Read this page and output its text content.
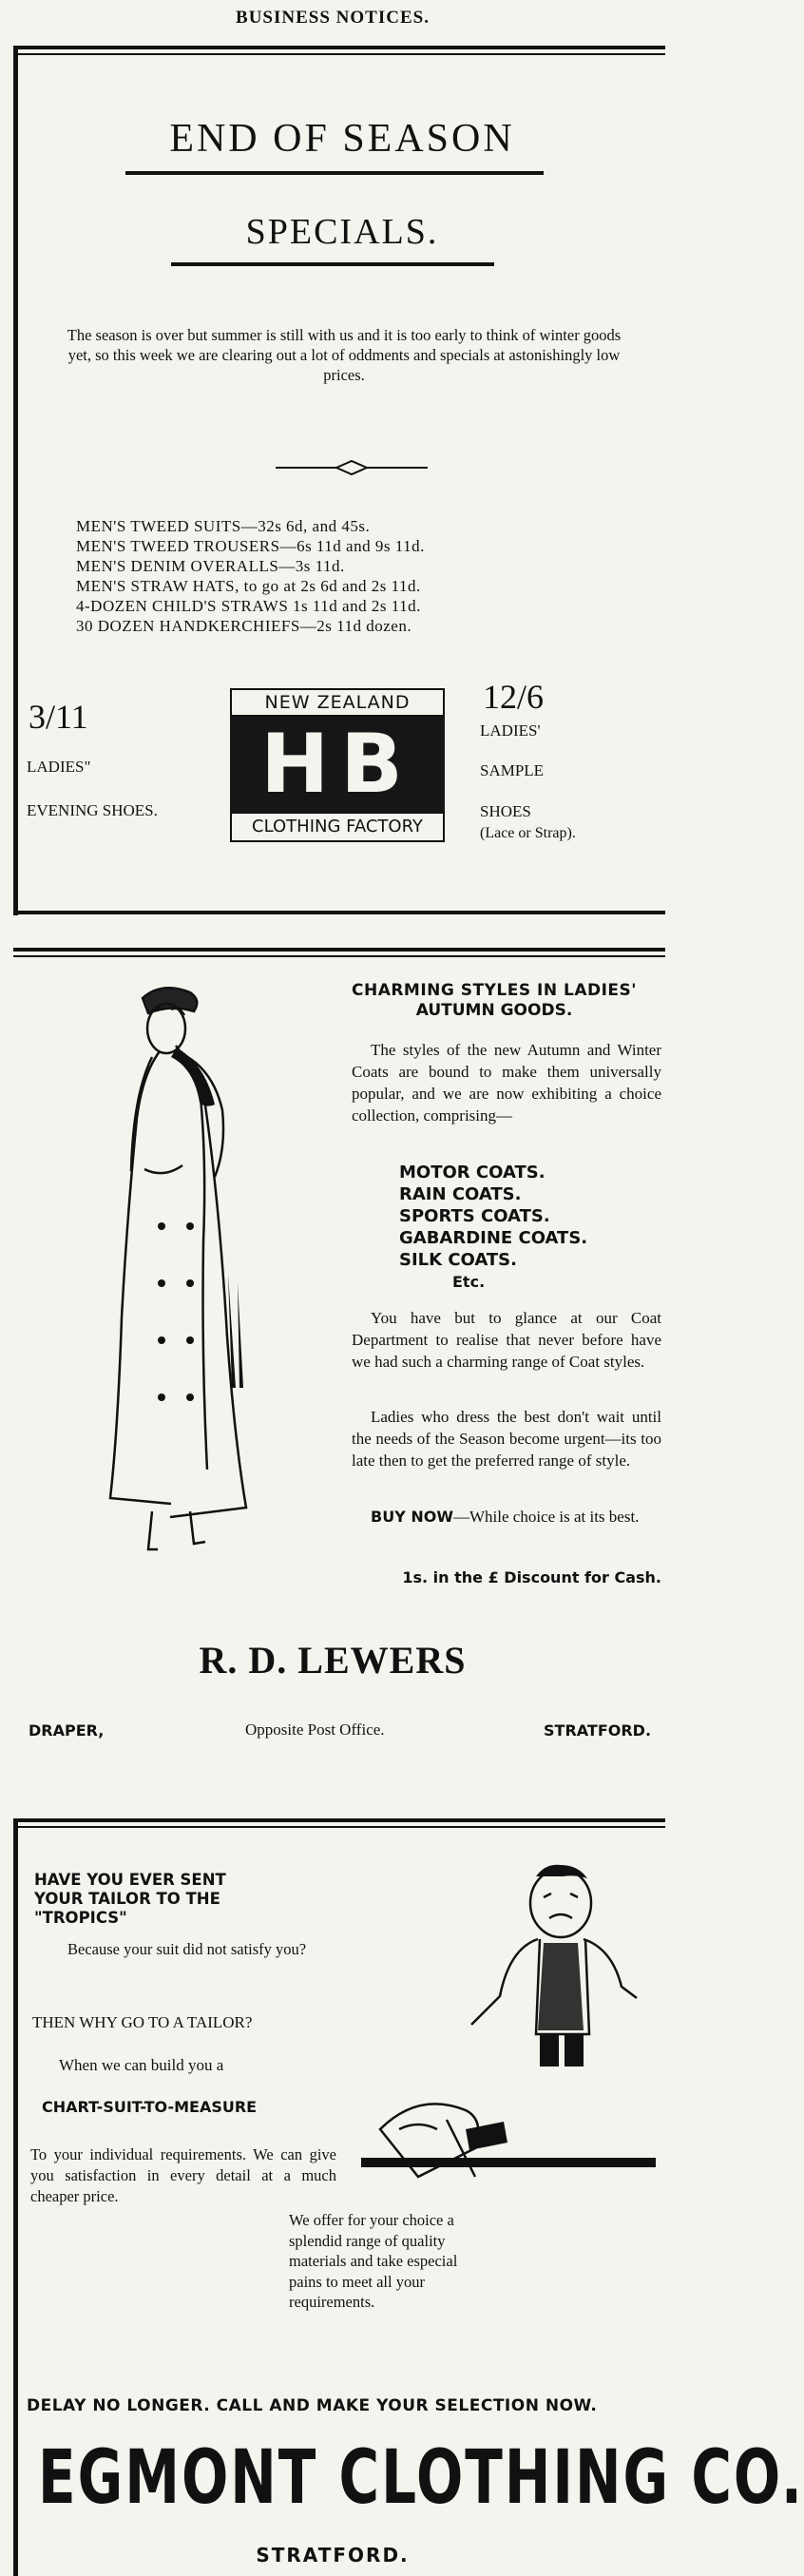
BUSINESS NOTICES.
END OF SEASON
SPECIALS.
The season is over but summer is still with us and it is too early to think of winter goods yet, so this week we are clearing out a lot of oddments and specials at astonishingly low prices.
MEN'S TWEED SUITS—32s 6d, and 45s.
MEN'S TWEED TROUSERS—6s 11d and 9s 11d.
MEN'S DENIM OVERALLS—3s 11d.
MEN'S STRAW HATS, to go at 2s 6d and 2s 11d.
4-DOZEN CHILD'S STRAWS 1s 11d and 2s 11d.
30 DOZEN HANDKERCHIEFS—2s 11d dozen.
3/11
LADIES"
EVENING SHOES.
NEW ZEALAND
HB
CLOTHING FACTORY
12/6
LADIES'
SAMPLE
SHOES
(Lace or Strap).
CHARMING STYLES IN LADIES'
AUTUMN GOODS.
The styles of the new Autumn and Winter Coats are bound to make them universally popular, and we are now exhibiting a choice collection, comprising—
MOTOR COATS.
RAIN COATS.
SPORTS COATS.
GABARDINE COATS.
SILK COATS.
Etc.
You have but to glance at our Coat Department to realise that never before have we had such a charming range of Coat styles.
Ladies who dress the best don't wait until the needs of the Season become urgent—its too late then to get the preferred range of style.
BUY NOW—While choice is at its best.
1s. in the £ Discount for Cash.
R. D. LEWERS
DRAPER,	Opposite Post Office.	STRATFORD.
HAVE YOU EVER SENT YOUR TAILOR TO THE "TROPICS"
Because your suit did not satisfy you?
THEN WHY GO TO A TAILOR?
When we can build you a
CHART-SUIT-TO-MEASURE
To your individual requirements. We can give you satisfaction in every detail at a much cheaper price.
We offer for your choice a splendid range of quality materials and take especial pains to meet all your requirements.
DELAY NO LONGER. CALL AND MAKE YOUR SELECTION NOW.
EGMONT CLOTHING CO.
STRATFORD.
